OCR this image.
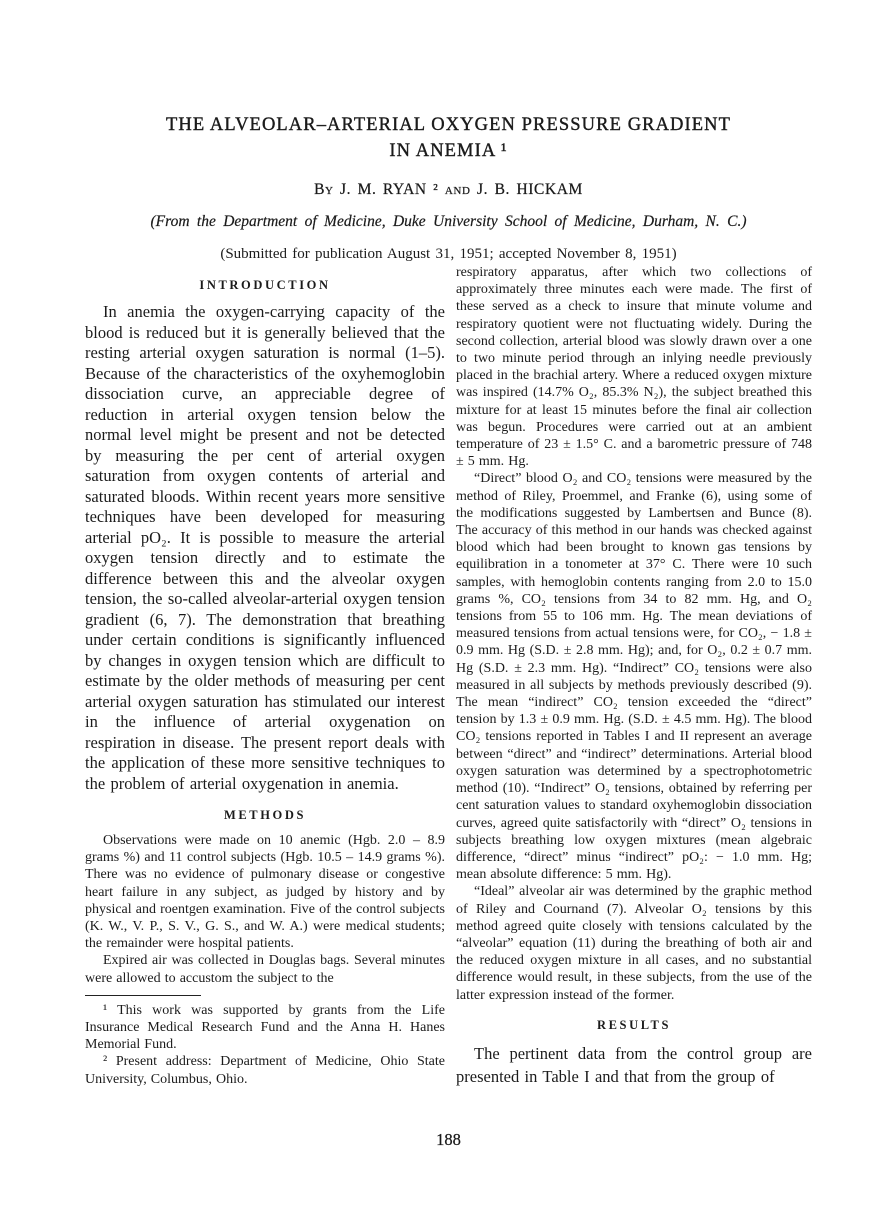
THE ALVEOLAR–ARTERIAL OXYGEN PRESSURE GRADIENT
IN ANEMIA ¹

By J. M. RYAN ² and J. B. HICKAM

(From the Department of Medicine, Duke University School of Medicine, Durham, N. C.)

(Submitted for publication August 31, 1951; accepted November 8, 1951)

INTRODUCTION

In anemia the oxygen-carrying capacity of the blood is reduced but it is generally believed that the resting arterial oxygen saturation is normal (1–5). Because of the characteristics of the oxyhemoglobin dissociation curve, an appreciable degree of reduction in arterial oxygen tension below the normal level might be present and not be detected by measuring the per cent of arterial oxygen saturation from oxygen contents of arterial and saturated bloods. Within recent years more sensitive techniques have been developed for measuring arterial pO₂. It is possible to measure the arterial oxygen tension directly and to estimate the difference between this and the alveolar oxygen tension, the so-called alveolar-arterial oxygen tension gradient (6, 7). The demonstration that breathing under certain conditions is significantly influenced by changes in oxygen tension which are difficult to estimate by the older methods of measuring per cent arterial oxygen saturation has stimulated our interest in the influence of arterial oxygenation on respiration in disease. The present report deals with the application of these more sensitive techniques to the problem of arterial oxygenation in anemia.

METHODS

Observations were made on 10 anemic (Hgb. 2.0 – 8.9 grams %) and 11 control subjects (Hgb. 10.5 – 14.9 grams %). There was no evidence of pulmonary disease or congestive heart failure in any subject, as judged by history and by physical and roentgen examination. Five of the control subjects (K. W., V. P., S. V., G. S., and W. A.) were medical students; the remainder were hospital patients.

Expired air was collected in Douglas bags. Several minutes were allowed to accustom the subject to the

¹ This work was supported by grants from the Life Insurance Medical Research Fund and the Anna H. Hanes Memorial Fund.

² Present address: Department of Medicine, Ohio State University, Columbus, Ohio.

respiratory apparatus, after which two collections of approximately three minutes each were made. The first of these served as a check to insure that minute volume and respiratory quotient were not fluctuating widely. During the second collection, arterial blood was slowly drawn over a one to two minute period through an inlying needle previously placed in the brachial artery. Where a reduced oxygen mixture was inspired (14.7% O₂, 85.3% N₂), the subject breathed this mixture for at least 15 minutes before the final air collection was begun. Procedures were carried out at an ambient temperature of 23 ± 1.5° C. and a barometric pressure of 748 ± 5 mm. Hg.

“Direct” blood O₂ and CO₂ tensions were measured by the method of Riley, Proemmel, and Franke (6), using some of the modifications suggested by Lambertsen and Bunce (8). The accuracy of this method in our hands was checked against blood which had been brought to known gas tensions by equilibration in a tonometer at 37° C. There were 10 such samples, with hemoglobin contents ranging from 2.0 to 15.0 grams %, CO₂ tensions from 34 to 82 mm. Hg, and O₂ tensions from 55 to 106 mm. Hg. The mean deviations of measured tensions from actual tensions were, for CO₂, − 1.8 ± 0.9 mm. Hg (S.D. ± 2.8 mm. Hg); and, for O₂, 0.2 ± 0.7 mm. Hg (S.D. ± 2.3 mm. Hg). “Indirect” CO₂ tensions were also measured in all subjects by methods previously described (9). The mean “indirect” CO₂ tension exceeded the “direct” tension by 1.3 ± 0.9 mm. Hg. (S.D. ± 4.5 mm. Hg). The blood CO₂ tensions reported in Tables I and II represent an average between “direct” and “indirect” determinations. Arterial blood oxygen saturation was determined by a spectrophotometric method (10). “Indirect” O₂ tensions, obtained by referring per cent saturation values to standard oxyhemoglobin dissociation curves, agreed quite satisfactorily with “direct” O₂ tensions in subjects breathing low oxygen mixtures (mean algebraic difference, “direct” minus “indirect” pO₂: − 1.0 mm. Hg; mean absolute difference: 5 mm. Hg).

“Ideal” alveolar air was determined by the graphic method of Riley and Cournand (7). Alveolar O₂ tensions by this method agreed quite closely with tensions calculated by the “alveolar” equation (11) during the breathing of both air and the reduced oxygen mixture in all cases, and no substantial difference would result, in these subjects, from the use of the latter expression instead of the former.

RESULTS

The pertinent data from the control group are presented in Table I and that from the group of

188
